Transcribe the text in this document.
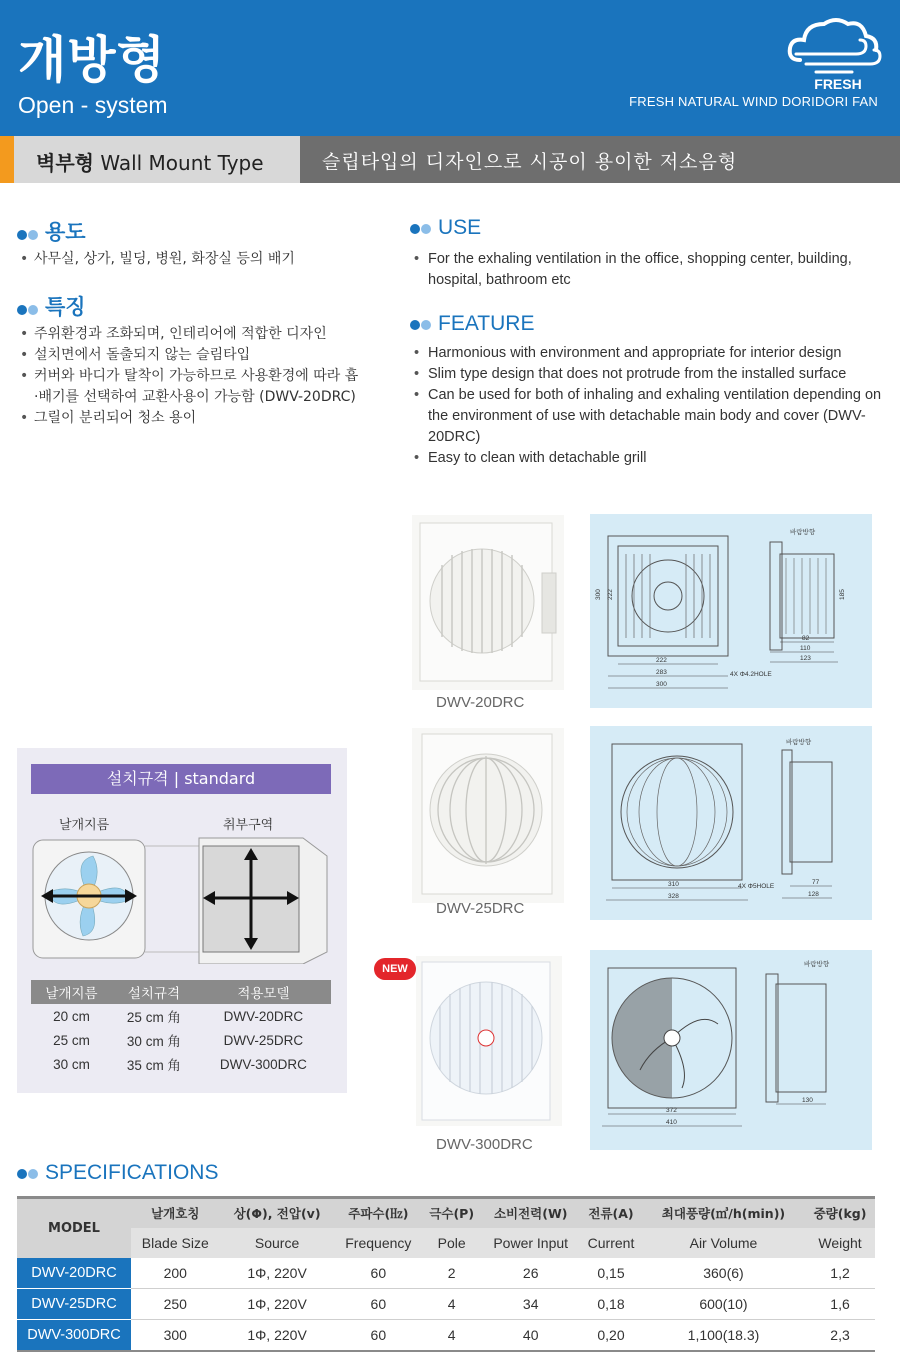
개방형
Open - system
FRESH
FRESH NATURAL WIND DORIDORI FAN
벽부형 Wall Mount Type	슬립타입의 디자인으로 시공이 용이한 저소음형
용도
• 사무실, 상가, 빌딩, 병원, 화장실 등의 배기
특징
• 주위환경과 조화되며, 인테리어에 적합한 디자인
• 설치면에서 돌출되지 않는 슬림타입
• 커버와 바디가 탈착이 가능하므로 사용환경에 따라 흡·배기를 선택하여 교환사용이 가능함 (DWV-20DRC)
• 그릴이 분리되어 청소 용이
USE
• For the exhaling ventilation in the office, shopping center, building, hospital, bathroom etc
FEATURE
• Harmonious with environment and appropriate for interior design
• Slim type design that does not protrude from the installed surface
• Can be used for both of inhaling and exhaling ventilation depending on the environment of use with detachable main body and cover (DWV-20DRC)
• Easy to clean with detachable grill
DWV-20DRC
300
222
283
300
82
110
123
4X Φ4.2HOLE
바람방향
185
222
DWV-25DRC
310
328
4X Φ5HOLE
77
128
바람방향
NEW
DWV-300DRC
372
410
130
바람방향
설치규격 | standard
날개지름	취부구역
날개지름	설치규격	적용모델
20 cm	25 cm 角	DWV-20DRC
25 cm	30 cm 角	DWV-25DRC
30 cm	35 cm 角	DWV-300DRC
SPECIFICATIONS
MODEL	날개호칭	상(Φ), 전압(v)	주파수(㎐)	극수(P)	소비전력(W)	전류(A)	최대풍량(㎥/h(min))	중량(kg)
	Blade Size	Source	Frequency	Pole	Power Input	Current	Air Volume	Weight
DWV-20DRC	200	1Φ, 220V	60	2	26	0,15	360(6)	1,2
DWV-25DRC	250	1Φ, 220V	60	4	34	0,18	600(10)	1,6
DWV-300DRC	300	1Φ, 220V	60	4	40	0,20	1,100(18.3)	2,3
